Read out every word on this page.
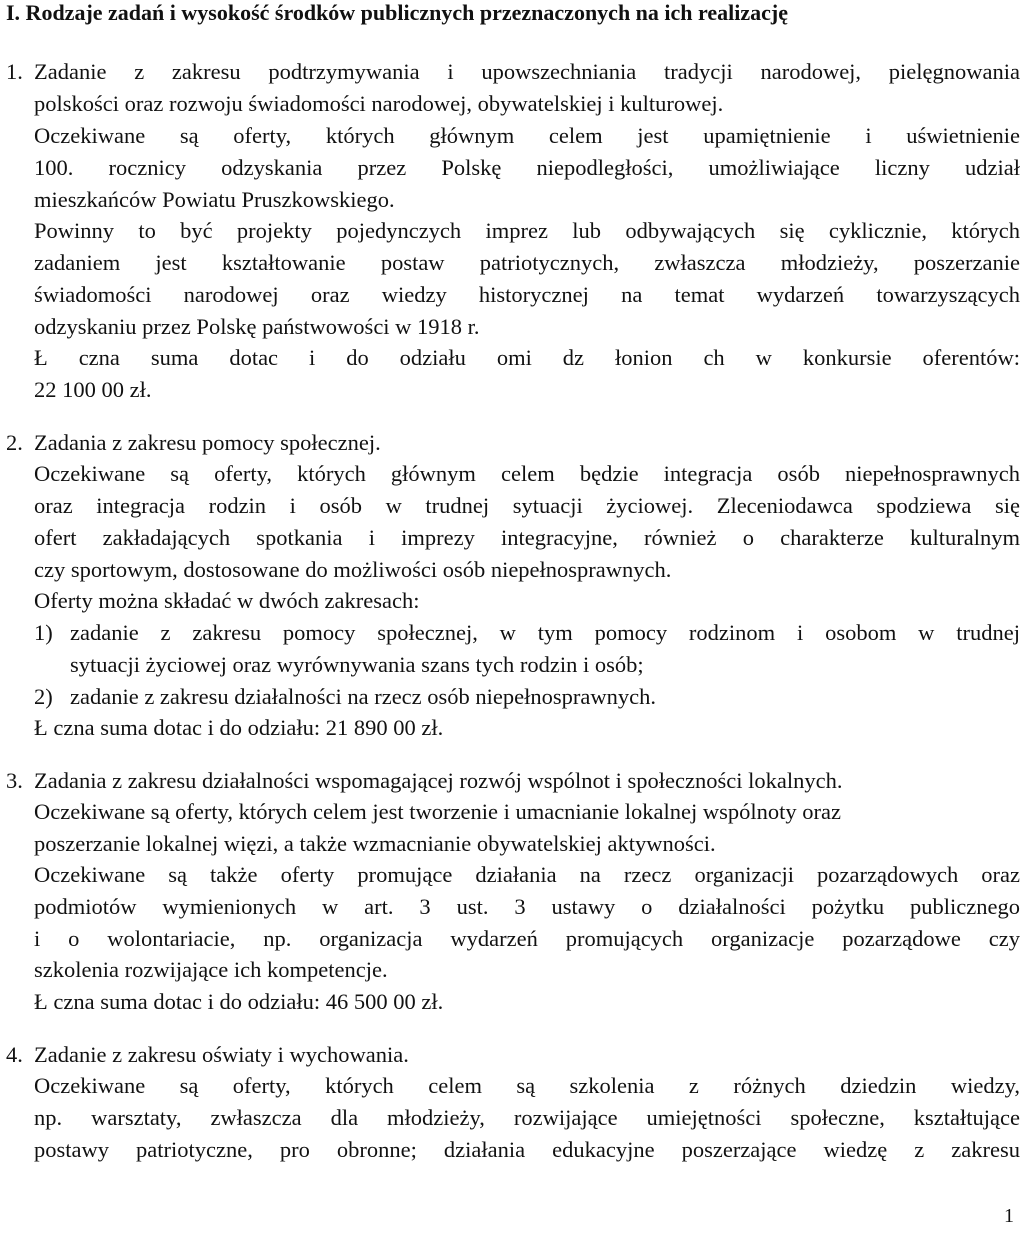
I. Rodzaje zadań i wysokość środków publicznych przeznaczonych na ich realizację
1. Zadanie z zakresu podtrzymywania i upowszechniania tradycji narodowej, pielęgnowania
polskości oraz rozwoju świadomości narodowej, obywatelskiej i kulturowej.
Oczekiwane są oferty, których głównym celem jest upamiętnienie i uświetnienie
100. rocznicy odzyskania przez Polskę niepodległości, umożliwiające liczny udział
mieszkańców Powiatu Pruszkowskiego.
Powinny to być projekty pojedynczych imprez lub odbywających się cyklicznie, których
zadaniem jest kształtowanie postaw patriotycznych, zwłaszcza młodzieży, poszerzanie
świadomości narodowej oraz wiedzy historycznej na temat wydarzeń towarzyszących
odzyskaniu przez Polskę państwowości w 1918 r.
Ł czna suma dotac i do odziału omi dz łonion ch w konkursie oferentów:
22 100 00 zł.
2. Zadania z zakresu pomocy społecznej.
Oczekiwane są oferty, których głównym celem będzie integracja osób niepełnosprawnych
oraz integracja rodzin i osób w trudnej sytuacji życiowej. Zleceniodawca spodziewa się
ofert zakładających spotkania i imprezy integracyjne, również o charakterze kulturalnym
czy sportowym, dostosowane do możliwości osób niepełnosprawnych.
Oferty można składać w dwóch zakresach:
1) zadanie z zakresu pomocy społecznej, w tym pomocy rodzinom i osobom w trudnej
sytuacji życiowej oraz wyrównywania szans tych rodzin i osób;
2) zadanie z zakresu działalności na rzecz osób niepełnosprawnych.
Ł czna suma dotac i do odziału: 21 890 00 zł.
3. Zadania z zakresu działalności wspomagającej rozwój wspólnot i społeczności lokalnych.
Oczekiwane są oferty, których celem jest tworzenie i umacnianie lokalnej wspólnoty oraz
poszerzanie lokalnej więzi, a także wzmacnianie obywatelskiej aktywności.
Oczekiwane są także oferty promujące działania na rzecz organizacji pozarządowych oraz
podmiotów wymienionych w art. 3 ust. 3 ustawy o działalności pożytku publicznego
i o wolontariacie, np. organizacja wydarzeń promujących organizacje pozarządowe czy
szkolenia rozwijające ich kompetencje.
Ł czna suma dotac i do odziału: 46 500 00 zł.
4. Zadanie z zakresu oświaty i wychowania.
Oczekiwane są oferty, których celem są szkolenia z różnych dziedzin wiedzy,
np. warsztaty, zwłaszcza dla młodzieży, rozwijające umiejętności społeczne, kształtujące
postawy patriotyczne, pro obronne; działania edukacyjne poszerzające wiedzę z zakresu
1
